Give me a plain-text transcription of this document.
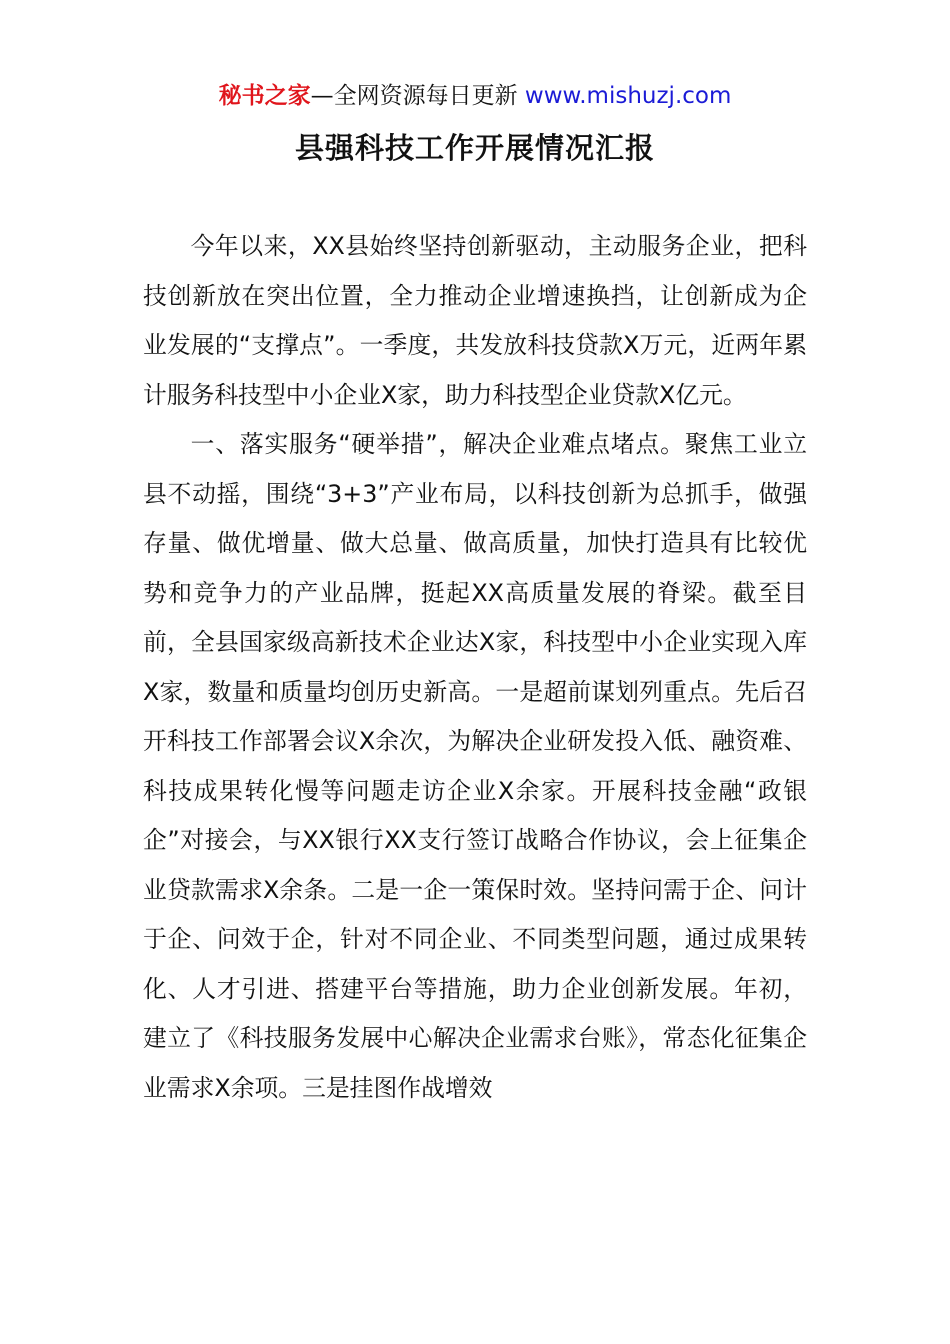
秘书之家—全网资源每日更新 www.mishuzj.com
县强科技工作开展情况汇报

今年以来，XX县始终坚持创新驱动，主动服务企业，把科技创新放在突出位置，全力推动企业增速换挡，让创新成为企业发展的“支撑点”。一季度，共发放科技贷款X万元，近两年累计服务科技型中小企业X家，助力科技型企业贷款X亿元。

一、落实服务“硬举措”，解决企业难点堵点。聚焦工业立县不动摇，围绕“3+3”产业布局，以科技创新为总抓手，做强存量、做优增量、做大总量、做高质量，加快打造具有比较优势和竞争力的产业品牌，挺起XX高质量发展的脊梁。截至目前，全县国家级高新技术企业达X家，科技型中小企业实现入库X家，数量和质量均创历史新高。一是超前谋划列重点。先后召开科技工作部署会议X余次，为解决企业研发投入低、融资难、科技成果转化慢等问题走访企业X余家。开展科技金融“政银企”对接会，与XX银行XX支行签订战略合作协议，会上征集企业贷款需求X余条。二是一企一策保时效。坚持问需于企、问计于企、问效于企，针对不同企业、不同类型问题，通过成果转化、人才引进、搭建平台等措施，助力企业创新发展。年初，建立了《科技服务发展中心解决企业需求台账》，常态化征集企业需求X余项。三是挂图作战增效
